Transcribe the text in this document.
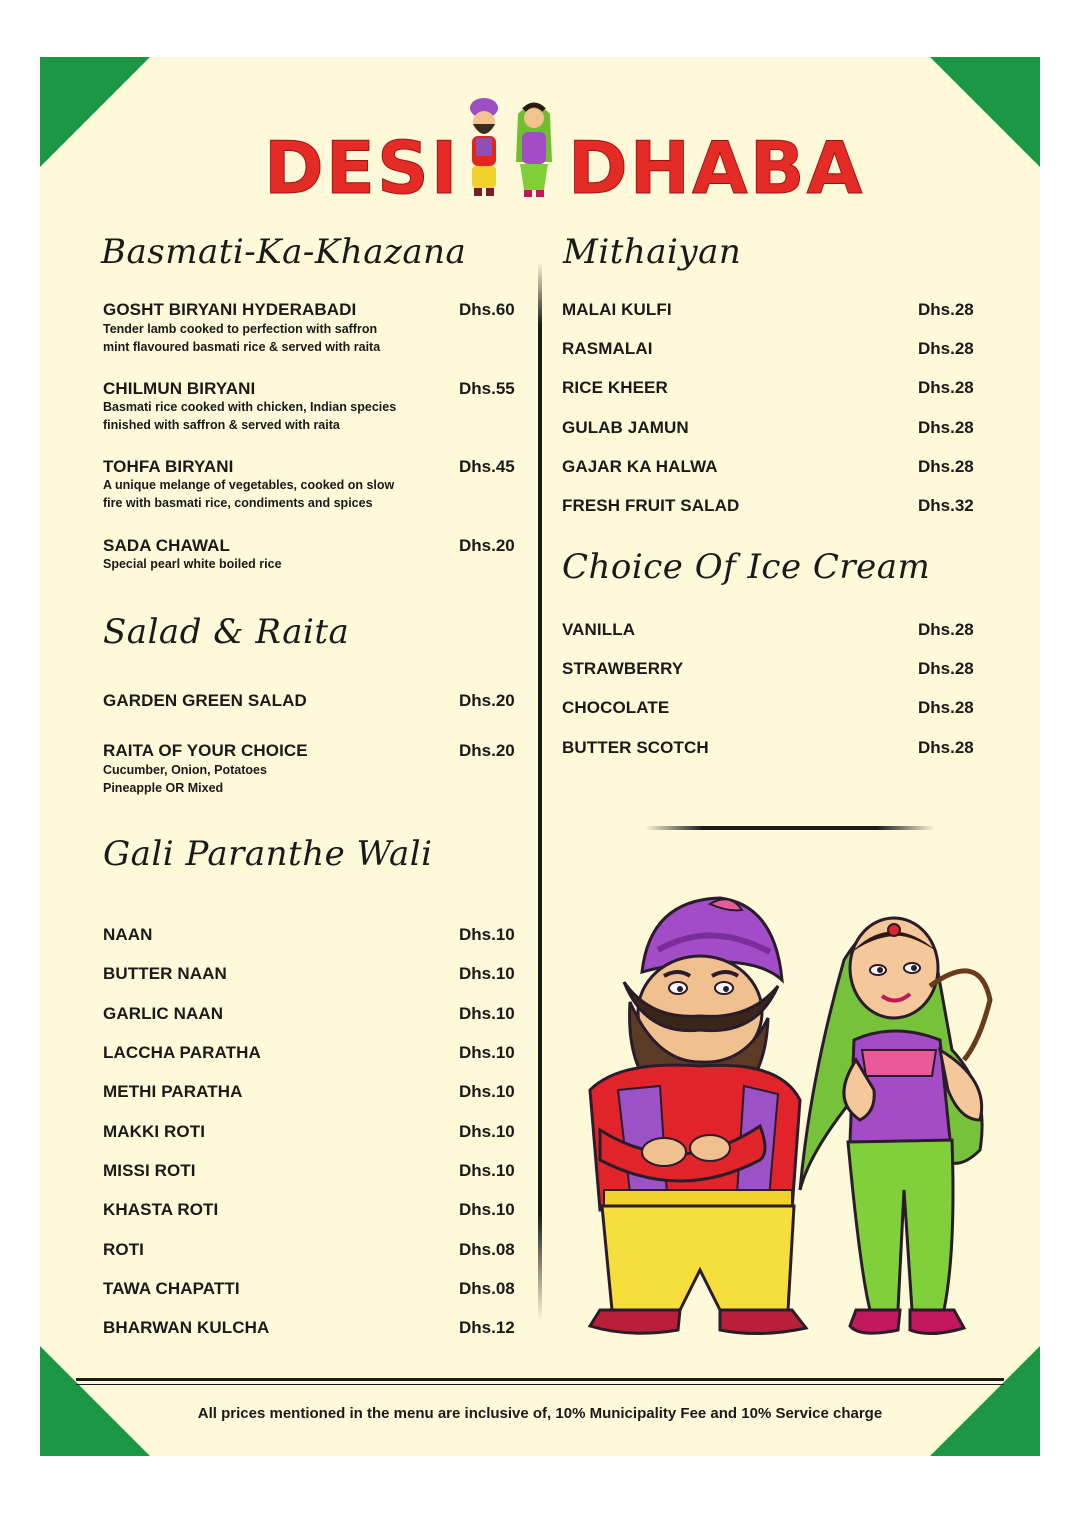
DESI DHABA
Basmati-Ka-Khazana
GOSHT BIRYANI HYDERABADI	Dhs.60
Tender lamb cooked to perfection with saffron
mint flavoured basmati rice & served with raita
CHILMUN BIRYANI	Dhs.55
Basmati rice cooked with chicken, Indian species
finished with saffron & served with raita
TOHFA BIRYANI	Dhs.45
A unique melange of vegetables, cooked on slow
fire with basmati rice, condiments and spices
SADA CHAWAL	Dhs.20
Special pearl white boiled rice
Salad & Raita
GARDEN GREEN SALAD	Dhs.20
RAITA OF YOUR CHOICE	Dhs.20
Cucumber, Onion, Potatoes
Pineapple OR Mixed
Gali Paranthe Wali
NAAN	Dhs.10
BUTTER NAAN	Dhs.10
GARLIC NAAN	Dhs.10
LACCHA PARATHA	Dhs.10
METHI PARATHA	Dhs.10
MAKKI ROTI	Dhs.10
MISSI ROTI	Dhs.10
KHASTA ROTI	Dhs.10
ROTI	Dhs.08
TAWA CHAPATTI	Dhs.08
BHARWAN KULCHA	Dhs.12
Mithaiyan
MALAI KULFI	Dhs.28
RASMALAI	Dhs.28
RICE KHEER	Dhs.28
GULAB JAMUN	Dhs.28
GAJAR KA HALWA	Dhs.28
FRESH FRUIT SALAD	Dhs.32
Choice Of Ice Cream
VANILLA	Dhs.28
STRAWBERRY	Dhs.28
CHOCOLATE	Dhs.28
BUTTER SCOTCH	Dhs.28
All prices mentioned in the menu are inclusive of, 10% Municipality Fee and 10% Service charge
